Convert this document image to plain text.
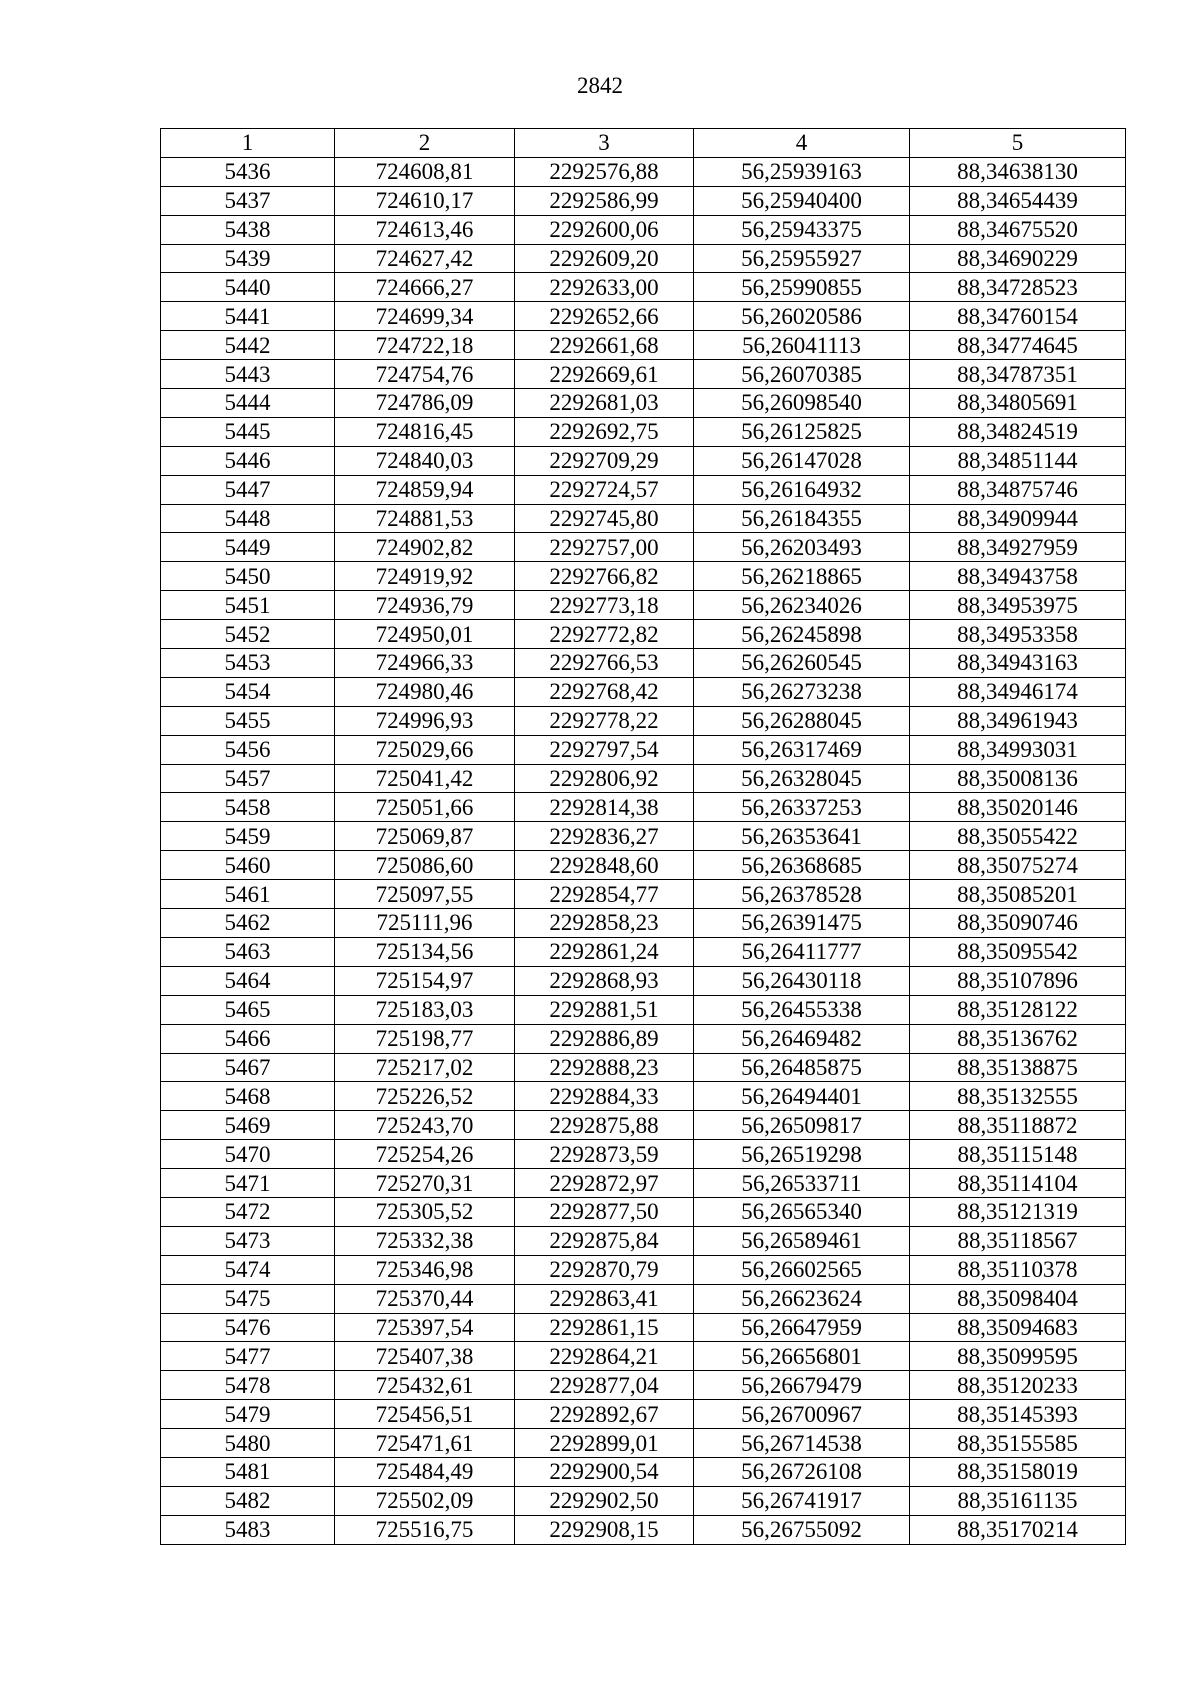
2842
1	2	3	4	5
5436	724608,81	2292576,88	56,25939163	88,34638130
5437	724610,17	2292586,99	56,25940400	88,34654439
5438	724613,46	2292600,06	56,25943375	88,34675520
5439	724627,42	2292609,20	56,25955927	88,34690229
5440	724666,27	2292633,00	56,25990855	88,34728523
5441	724699,34	2292652,66	56,26020586	88,34760154
5442	724722,18	2292661,68	56,26041113	88,34774645
5443	724754,76	2292669,61	56,26070385	88,34787351
5444	724786,09	2292681,03	56,26098540	88,34805691
5445	724816,45	2292692,75	56,26125825	88,34824519
5446	724840,03	2292709,29	56,26147028	88,34851144
5447	724859,94	2292724,57	56,26164932	88,34875746
5448	724881,53	2292745,80	56,26184355	88,34909944
5449	724902,82	2292757,00	56,26203493	88,34927959
5450	724919,92	2292766,82	56,26218865	88,34943758
5451	724936,79	2292773,18	56,26234026	88,34953975
5452	724950,01	2292772,82	56,26245898	88,34953358
5453	724966,33	2292766,53	56,26260545	88,34943163
5454	724980,46	2292768,42	56,26273238	88,34946174
5455	724996,93	2292778,22	56,26288045	88,34961943
5456	725029,66	2292797,54	56,26317469	88,34993031
5457	725041,42	2292806,92	56,26328045	88,35008136
5458	725051,66	2292814,38	56,26337253	88,35020146
5459	725069,87	2292836,27	56,26353641	88,35055422
5460	725086,60	2292848,60	56,26368685	88,35075274
5461	725097,55	2292854,77	56,26378528	88,35085201
5462	725111,96	2292858,23	56,26391475	88,35090746
5463	725134,56	2292861,24	56,26411777	88,35095542
5464	725154,97	2292868,93	56,26430118	88,35107896
5465	725183,03	2292881,51	56,26455338	88,35128122
5466	725198,77	2292886,89	56,26469482	88,35136762
5467	725217,02	2292888,23	56,26485875	88,35138875
5468	725226,52	2292884,33	56,26494401	88,35132555
5469	725243,70	2292875,88	56,26509817	88,35118872
5470	725254,26	2292873,59	56,26519298	88,35115148
5471	725270,31	2292872,97	56,26533711	88,35114104
5472	725305,52	2292877,50	56,26565340	88,35121319
5473	725332,38	2292875,84	56,26589461	88,35118567
5474	725346,98	2292870,79	56,26602565	88,35110378
5475	725370,44	2292863,41	56,26623624	88,35098404
5476	725397,54	2292861,15	56,26647959	88,35094683
5477	725407,38	2292864,21	56,26656801	88,35099595
5478	725432,61	2292877,04	56,26679479	88,35120233
5479	725456,51	2292892,67	56,26700967	88,35145393
5480	725471,61	2292899,01	56,26714538	88,35155585
5481	725484,49	2292900,54	56,26726108	88,35158019
5482	725502,09	2292902,50	56,26741917	88,35161135
5483	725516,75	2292908,15	56,26755092	88,35170214
